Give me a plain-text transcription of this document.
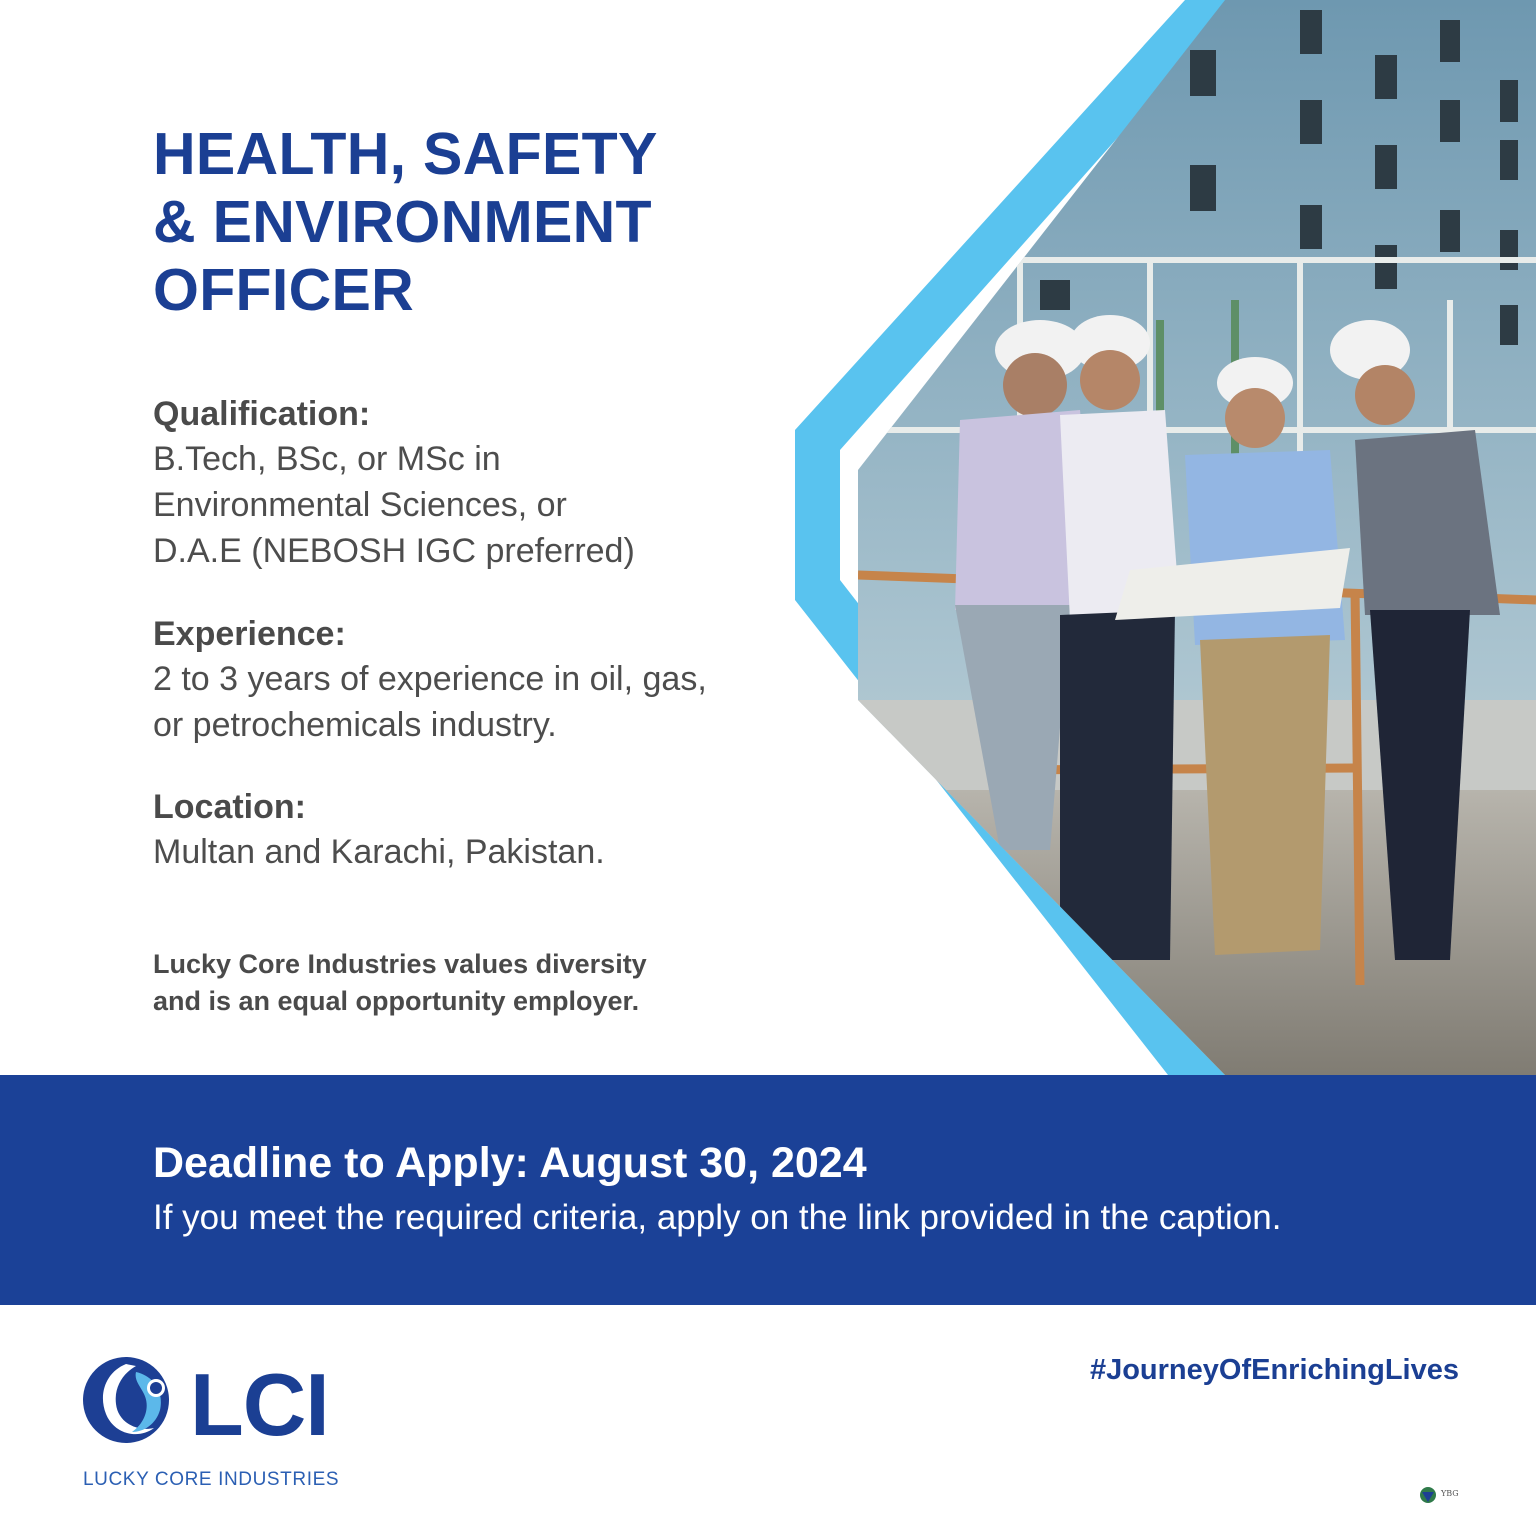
HEALTH, SAFETY
& ENVIRONMENT
OFFICER

Qualification:

B.Tech, BSc, or MSc in
Environmental Sciences, or
D.A.E (NEBOSH IGC preferred)

Experience:

2 to 3 years of experience in oil, gas,
or petrochemicals industry.

Location:

Multan and Karachi, Pakistan.

Lucky Core Industries values diversity
and is an equal opportunity employer.

Deadline to Apply: August 30, 2024

If you meet the required criteria, apply on the link provided in the caption.

LCI

LUCKY CORE INDUSTRIES

#JourneyOfEnrichingLives

YBG
